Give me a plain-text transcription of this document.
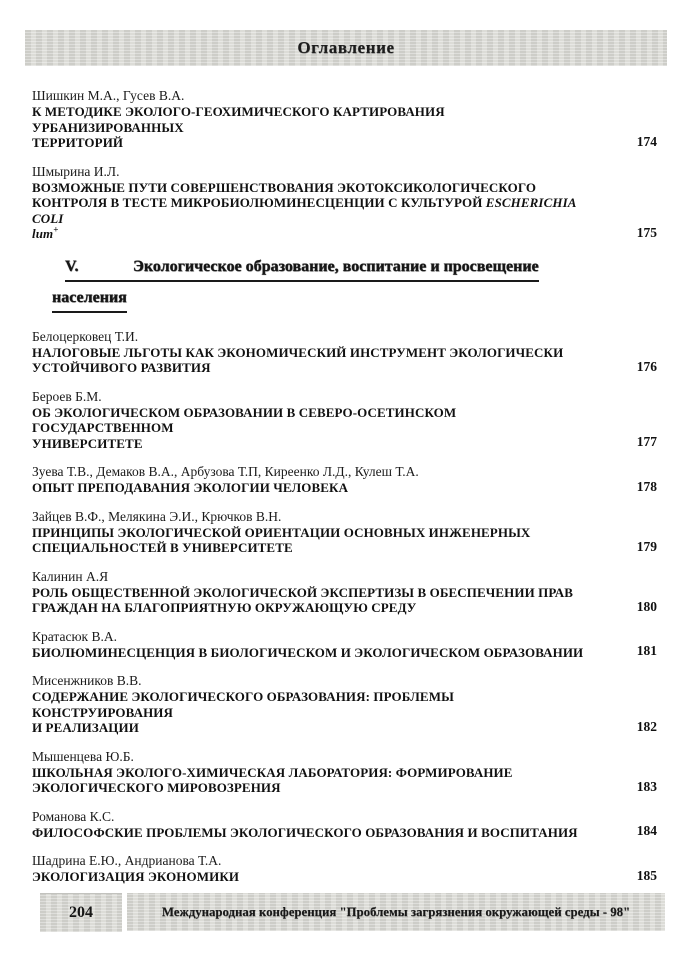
Оглавление
Шишкин М.А., Гусев В.А.
К МЕТОДИКЕ ЭКОЛОГО-ГЕОХИМИЧЕСКОГО КАРТИРОВАНИЯ УРБАНИЗИРОВАННЫХ
ТЕРРИТОРИЙ	174
Шмырина И.Л.
ВОЗМОЖНЫЕ ПУТИ СОВЕРШЕНСТВОВАНИЯ ЭКОТОКСИКОЛОГИЧЕСКОГО
КОНТРОЛЯ В ТЕСТЕ МИКРОБИОЛЮМИНЕСЦЕНЦИИ С КУЛЬТУРОЙ ESCHERICHIA COLI
lum+	175
V.	Экологическое образование, воспитание и просвещение
населения
Белоцерковец Т.И.
НАЛОГОВЫЕ ЛЬГОТЫ КАК ЭКОНОМИЧЕСКИЙ ИНСТРУМЕНТ ЭКОЛОГИЧЕСКИ
УСТОЙЧИВОГО РАЗВИТИЯ	176
Бероев Б.М.
ОБ ЭКОЛОГИЧЕСКОМ ОБРАЗОВАНИИ В СЕВЕРО-ОСЕТИНСКОМ ГОСУДАРСТВЕННОМ
УНИВЕРСИТЕТЕ	177
Зуева Т.В., Демаков В.А., Арбузова Т.П, Киреенко Л.Д., Кулеш Т.А.
ОПЫТ ПРЕПОДАВАНИЯ ЭКОЛОГИИ ЧЕЛОВЕКА	178
Зайцев В.Ф., Мелякина Э.И., Крючков В.Н.
ПРИНЦИПЫ ЭКОЛОГИЧЕСКОЙ ОРИЕНТАЦИИ ОСНОВНЫХ ИНЖЕНЕРНЫХ
СПЕЦИАЛЬНОСТЕЙ В УНИВЕРСИТЕТЕ	179
Калинин А.Я
РОЛЬ ОБЩЕСТВЕННОЙ ЭКОЛОГИЧЕСКОЙ ЭКСПЕРТИЗЫ В ОБЕСПЕЧЕНИИ ПРАВ
ГРАЖДАН НА БЛАГОПРИЯТНУЮ ОКРУЖАЮЩУЮ СРЕДУ	180
Кратасюк В.А.
БИОЛЮМИНЕСЦЕНЦИЯ В БИОЛОГИЧЕСКОМ И ЭКОЛОГИЧЕСКОМ ОБРАЗОВАНИИ	181
Мисенжников В.В.
СОДЕРЖАНИЕ ЭКОЛОГИЧЕСКОГО ОБРАЗОВАНИЯ: ПРОБЛЕМЫ  КОНСТРУИРОВАНИЯ
И РЕАЛИЗАЦИИ	182
Мышенцева Ю.Б.
ШКОЛЬНАЯ ЭКОЛОГО-ХИМИЧЕСКАЯ ЛАБОРАТОРИЯ: ФОРМИРОВАНИЕ
ЭКОЛОГИЧЕСКОГО МИРОВОЗРЕНИЯ	183
Романова К.С.
ФИЛОСОФСКИЕ ПРОБЛЕМЫ ЭКОЛОГИЧЕСКОГО ОБРАЗОВАНИЯ И ВОСПИТАНИЯ	184
Шадрина Е.Ю., Андрианова Т.А.
ЭКОЛОГИЗАЦИЯ ЭКОНОМИКИ	185
204	Международная конференция "Проблемы загрязнения окружающей среды - 98"
